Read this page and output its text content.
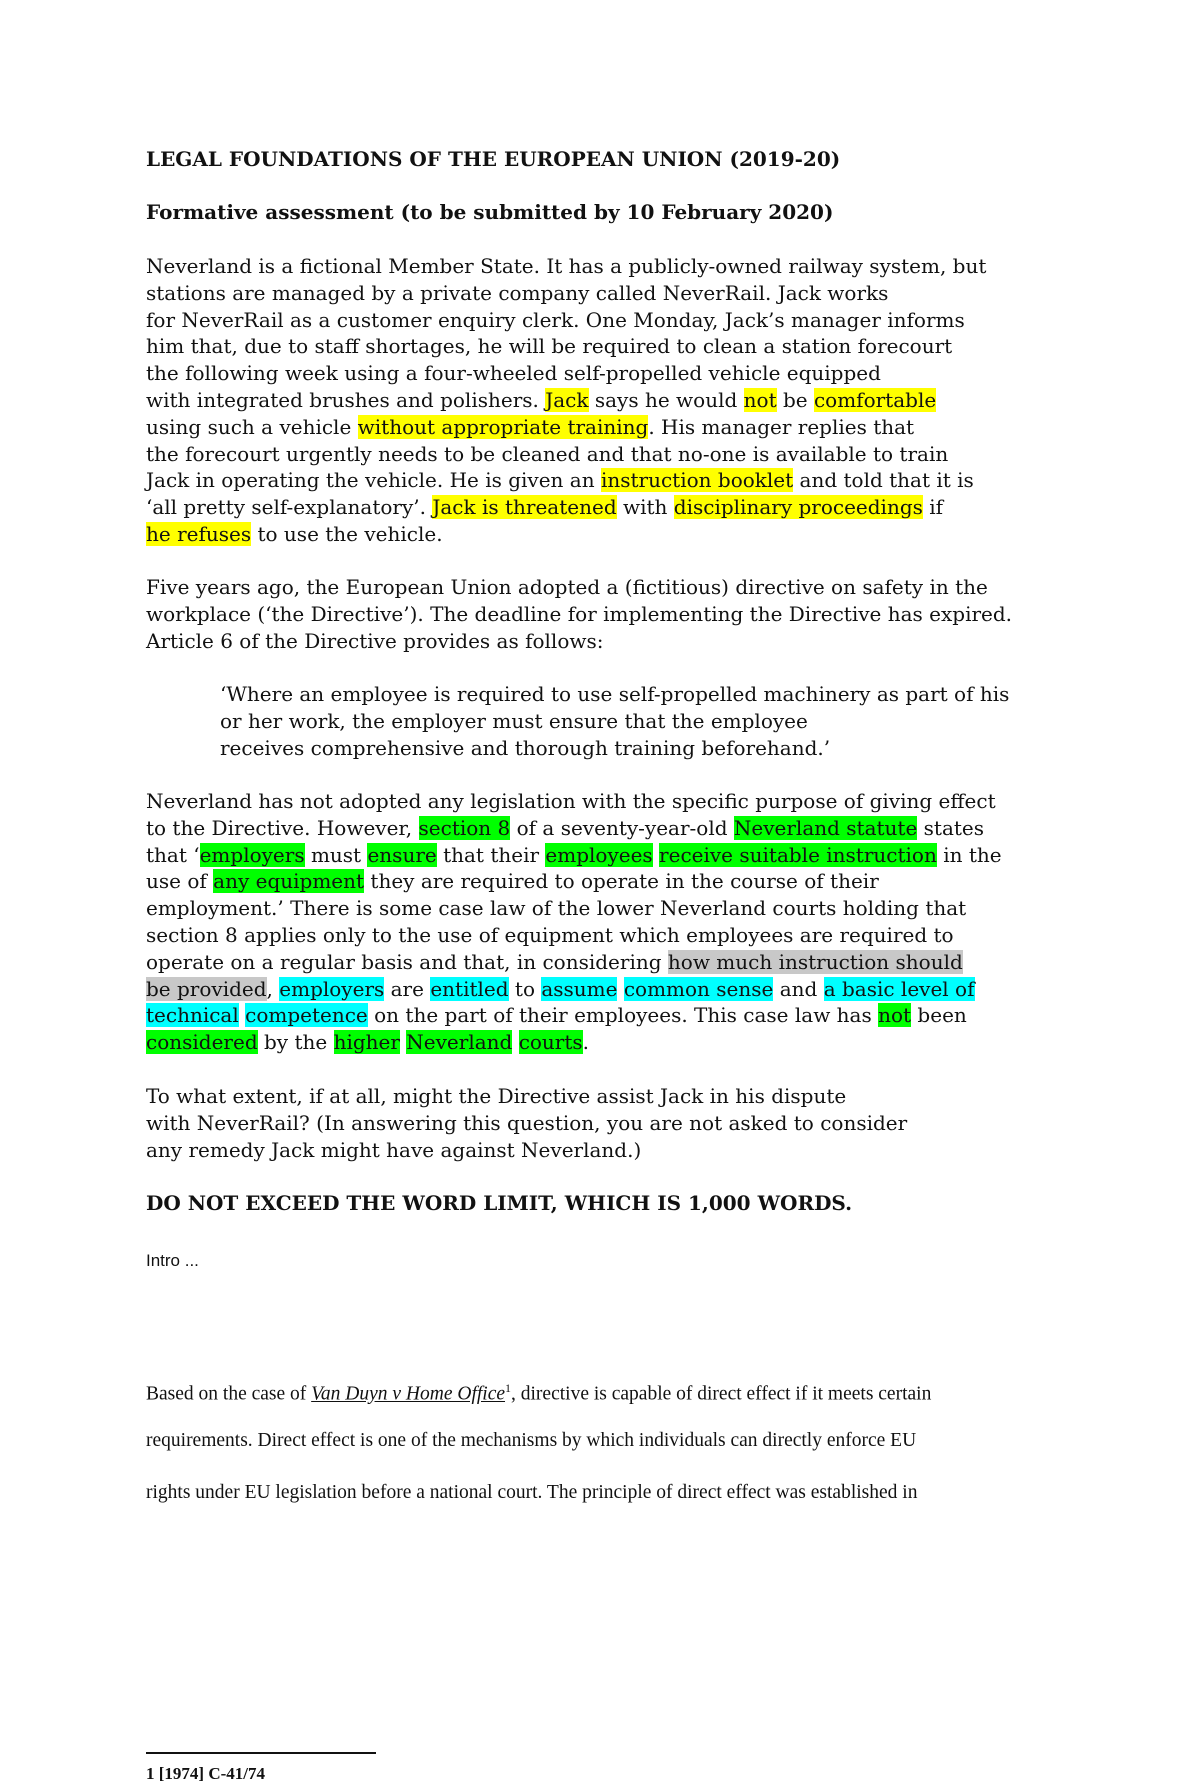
LEGAL FOUNDATIONS OF THE EUROPEAN UNION (2019-20)
Formative assessment (to be submitted by 10 February 2020)
Neverland is a fictional Member State. It has a publicly-owned railway system, but
stations are managed by a private company called NeverRail. Jack works
for NeverRail as a customer enquiry clerk. One Monday, Jack’s manager informs
him that, due to staff shortages, he will be required to clean a station forecourt
the following week using a four-wheeled self-propelled vehicle equipped
with integrated brushes and polishers. Jack says he would not be comfortable
using such a vehicle without appropriate training. His manager replies that
the forecourt urgently needs to be cleaned and that no-one is available to train
Jack in operating the vehicle. He is given an instruction booklet and told that it is
‘all pretty self-explanatory’. Jack is threatened with disciplinary proceedings if
he refuses to use the vehicle.
Five years ago, the European Union adopted a (fictitious) directive on safety in the
workplace (‘the Directive’). The deadline for implementing the Directive has expired.
Article 6 of the Directive provides as follows:
‘Where an employee is required to use self-propelled machinery as part of his
or her work, the employer must ensure that the employee
receives comprehensive and thorough training beforehand.’
Neverland has not adopted any legislation with the specific purpose of giving effect
to the Directive. However, section 8 of a seventy-year-old Neverland statute states
that ‘employers must ensure that their employees receive suitable instruction in the
use of any equipment they are required to operate in the course of their
employment.’ There is some case law of the lower Neverland courts holding that
section 8 applies only to the use of equipment which employees are required to
operate on a regular basis and that, in considering how much instruction should
be provided, employers are entitled to assume common sense and a basic level of
technical competence on the part of their employees. This case law has not been
considered by the higher Neverland courts.
To what extent, if at all, might the Directive assist Jack in his dispute
with NeverRail? (In answering this question, you are not asked to consider
any remedy Jack might have against Neverland.)
DO NOT EXCEED THE WORD LIMIT, WHICH IS 1,000 WORDS.
Intro ...
Based on the case of Van Duyn v Home Office$^1$, directive is capable of direct effect if it meets certain
requirements. Direct effect is one of the mechanisms by which individuals can directly enforce EU
rights under EU legislation before a national court. The principle of direct effect was established in
1 [1974] C-41/74
